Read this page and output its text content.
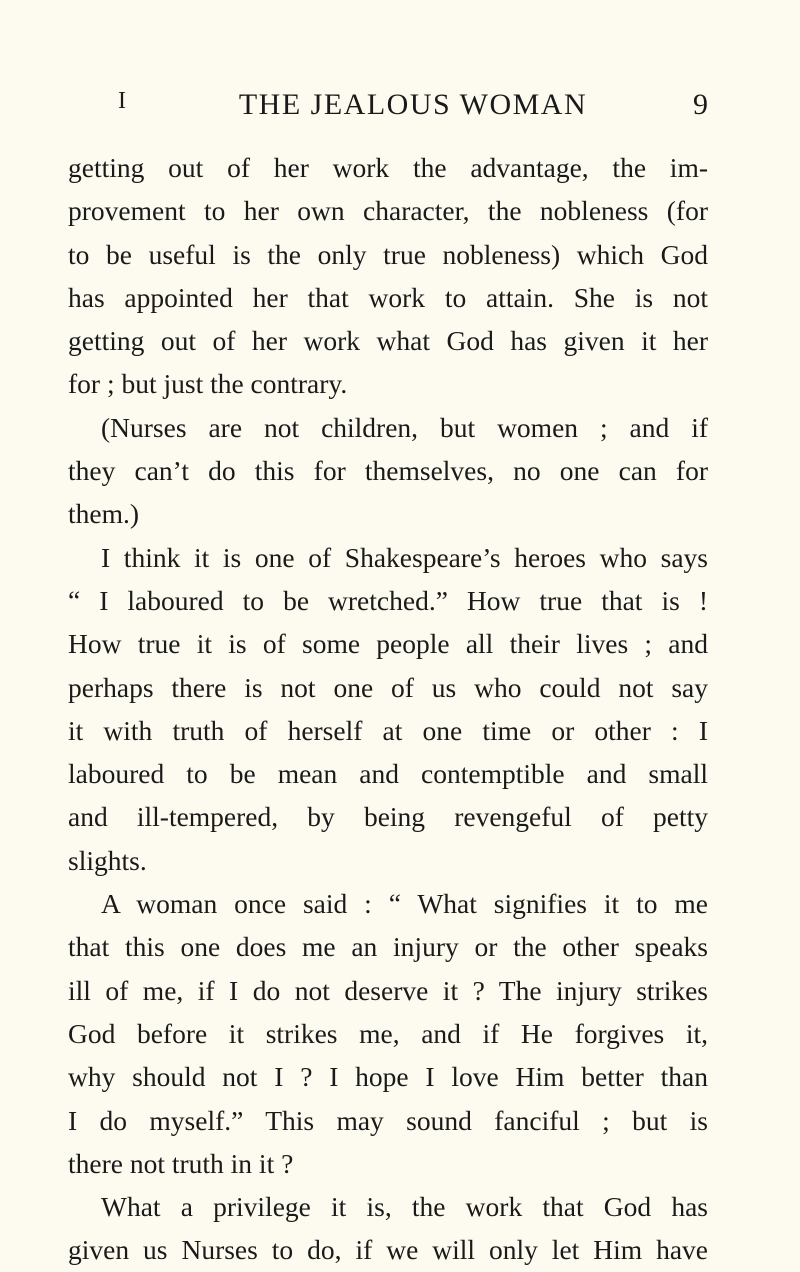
I	THE JEALOUS WOMAN	9
getting out of her work the advantage, the im-
provement to her own character, the nobleness (for
to be useful is the only true nobleness) which God
has appointed her that work to attain. She is not
getting out of her work what God has given it her
for ; but just the contrary.
(Nurses are not children, but women ; and if
they can’t do this for themselves, no one can for
them.)
I think it is one of Shakespeare’s heroes who says
“ I laboured to be wretched.” How true that is !
How true it is of some people all their lives ; and
perhaps there is not one of us who could not say
it with truth of herself at one time or other : I
laboured to be mean and contemptible and small
and ill-tempered, by being revengeful of petty
slights.
A woman once said : “ What signifies it to me
that this one does me an injury or the other speaks
ill of me, if I do not deserve it ? The injury strikes
God before it strikes me, and if He forgives it,
why should not I ? I hope I love Him better than
I do myself.” This may sound fanciful ; but is
there not truth in it ?
What a privilege it is, the work that God has
given us Nurses to do, if we will only let Him have
